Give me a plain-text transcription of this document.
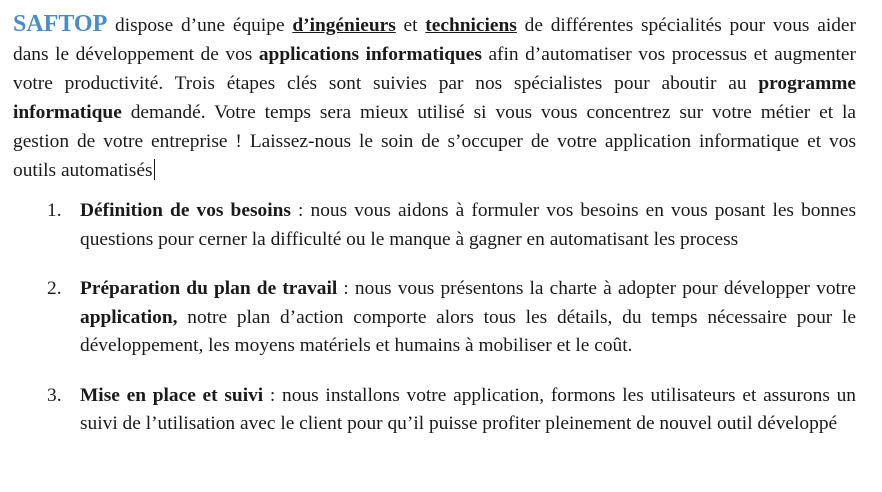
SAFTOP dispose d’une équipe d’ingénieurs et techniciens de différentes spécialités pour vous aider dans le développement de vos applications informatiques afin d’automatiser vos processus et augmenter votre productivité. Trois étapes clés sont suivies par nos spécialistes pour aboutir au programme informatique demandé. Votre temps sera mieux utilisé si vous vous concentrez sur votre métier et la gestion de votre entreprise ! Laissez-nous le soin de s’occuper de votre application informatique et vos outils automatisés

1. Définition de vos besoins : nous vous aidons à formuler vos besoins en vous posant les bonnes questions pour cerner la difficulté ou le manque à gagner en automatisant les process
2. Préparation du plan de travail : nous vous présentons la charte à adopter pour développer votre application, notre plan d’action comporte alors tous les détails, du temps nécessaire pour le développement, les moyens matériels et humains à mobiliser et le coût.
3. Mise en place et suivi : nous installons votre application, formons les utilisateurs et assurons un suivi de l’utilisation avec le client pour qu’il puisse profiter pleinement de nouvel outil développé
